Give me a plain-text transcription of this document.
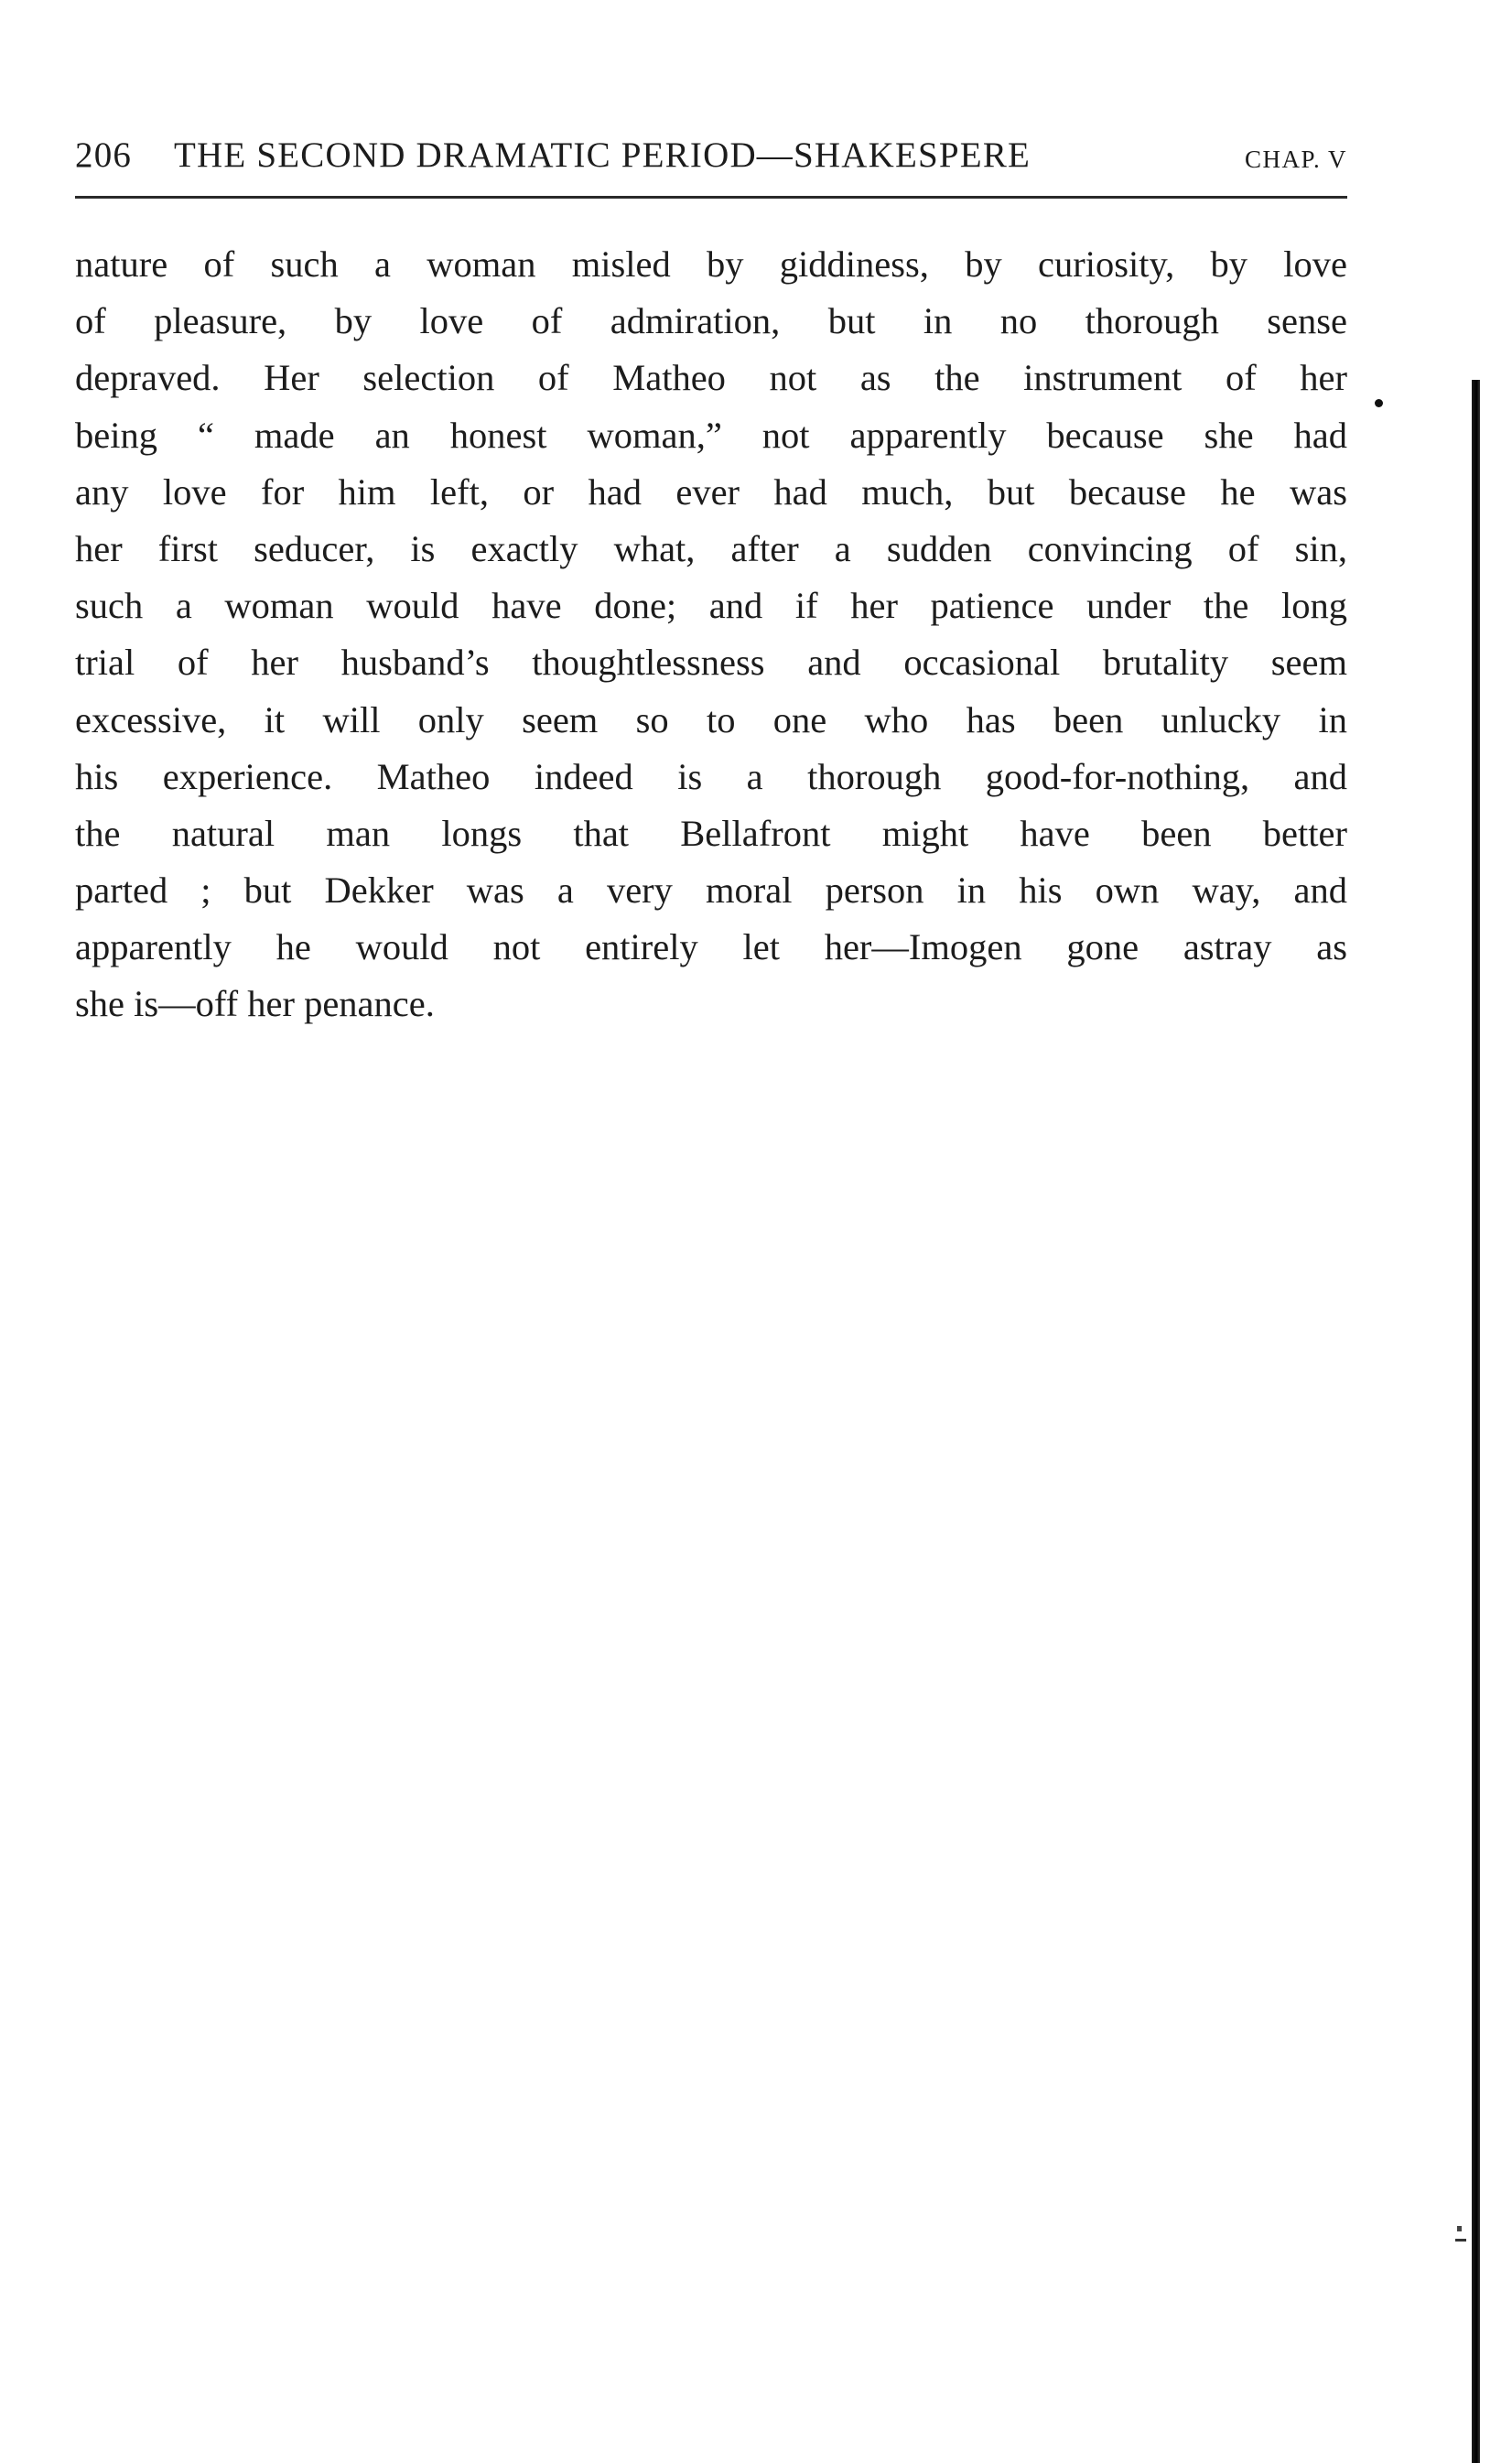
206 THE SECOND DRAMATIC PERIOD—SHAKESPERE	CHAP. V
nature of such a woman misled by giddiness, by curiosity, by love
of pleasure, by love of admiration, but in no thorough sense
depraved. Her selection of Matheo not as the instrument of her
being “ made an honest woman,” not apparently because she had
any love for him left, or had ever had much, but because he was
her first seducer, is exactly what, after a sudden convincing of sin,
such a woman would have done; and if her patience under the long
trial of her husband’s thoughtlessness and occasional brutality seem
excessive, it will only seem so to one who has been unlucky in
his experience. Matheo indeed is a thorough good-for-nothing, and
the natural man longs that Bellafront might have been better
parted ; but Dekker was a very moral person in his own way, and
apparently he would not entirely let her—Imogen gone astray as
she is—off her penance.
